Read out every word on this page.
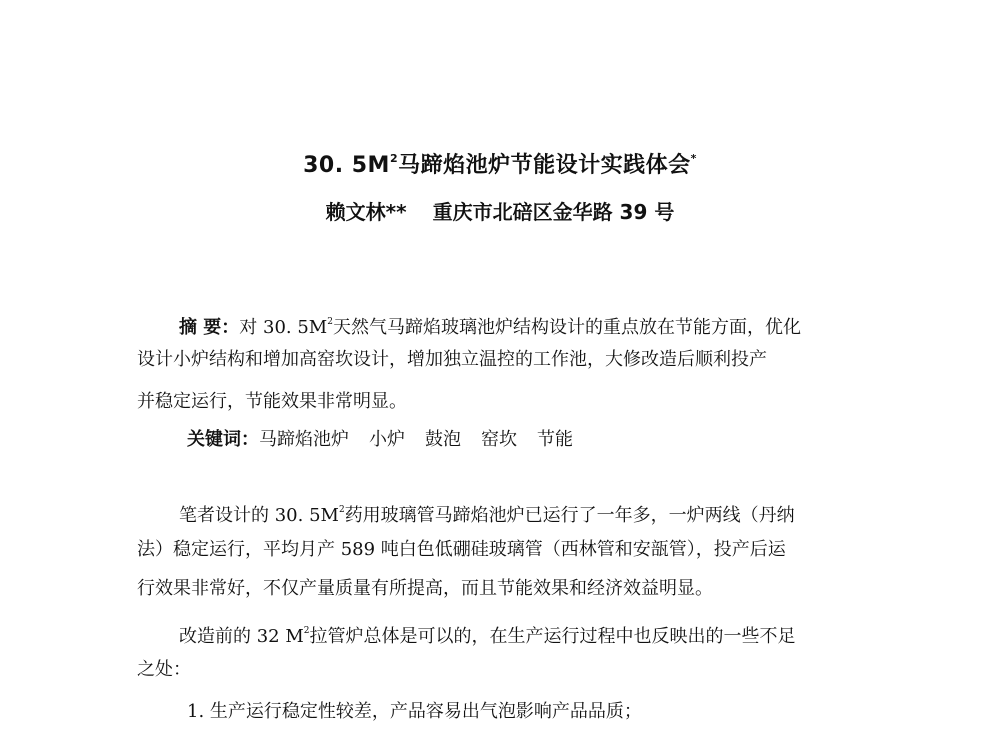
30. $5M^2$马蹄焰池炉节能设计实践体会*
赖文林** 重庆市北碚区金华路 39 号
摘 要：对 30. $5M^2$天然气马蹄焰玻璃池炉结构设计的重点放在节能方面，优化
设计小炉结构和增加高窑坎设计，增加独立温控的工作池，大修改造后顺利投产
并稳定运行，节能效果非常明显。
关键词：马蹄焰池炉 小炉 鼓泡 窑坎 节能
笔者设计的 30. $5M^2$药用玻璃管马蹄焰池炉已运行了一年多，一炉两线（丹纳
法）稳定运行，平均月产 589 吨白色低硼硅玻璃管（西林管和安瓿管），投产后运
行效果非常好，不仅产量质量有所提高，而且节能效果和经济效益明显。
改造前的 32 $M^2$拉管炉总体是可以的，在生产运行过程中也反映出的一些不足
之处：
1. 生产运行稳定性较差，产品容易出气泡影响产品品质；
